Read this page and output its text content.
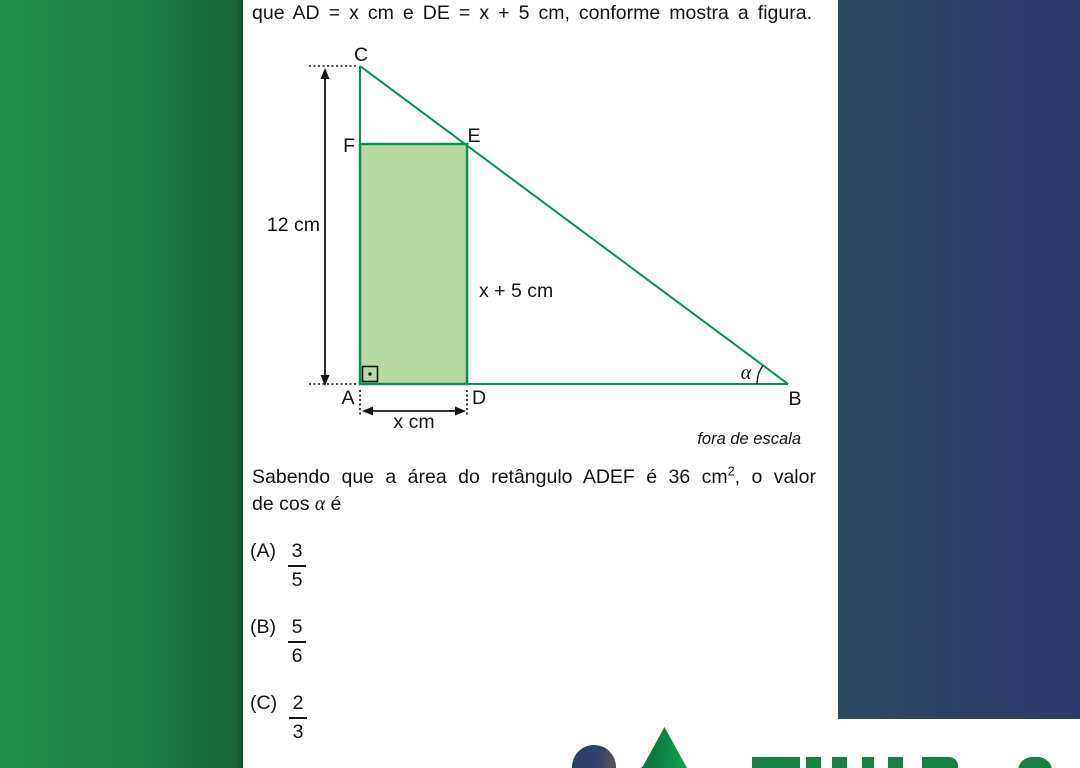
que AD = x cm e DE = x + 5 cm, conforme mostra a figura.
C
E
F
A	D	B
12 cm
x + 5 cm
x cm
α
fora de escala
Sabendo que a área do retângulo ADEF é 36 $cm^2$, o valor
de cos α é
$(A) \frac{3}{5}$
$(B) \frac{5}{6}$
$(C) \frac{2}{3}$
